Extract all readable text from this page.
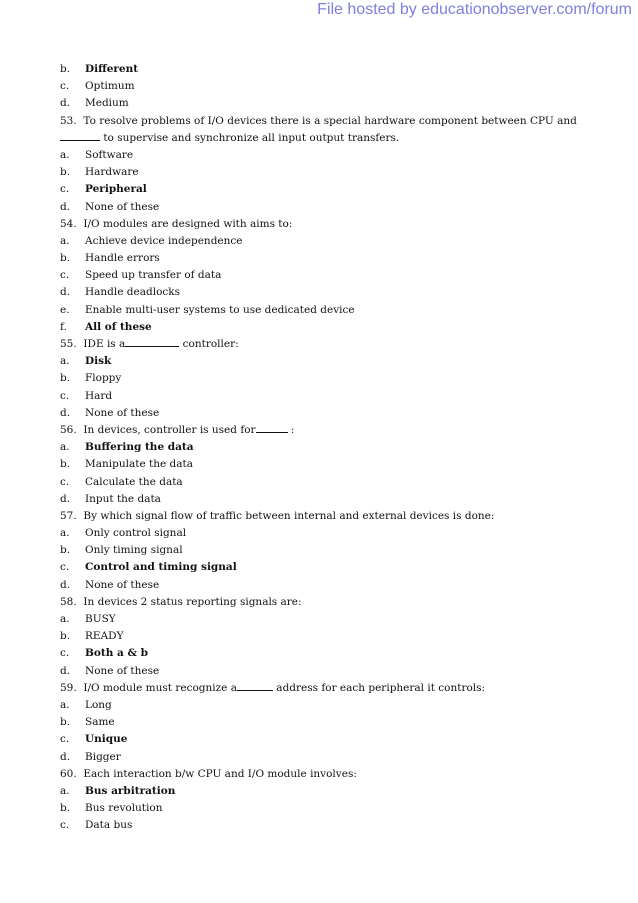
File hosted by educationobserver.com/forum
b.	Different
c.	Optimum
d.	Medium
53.  To resolve problems of I/O devices there is a special hardware component between CPU and to supervise and synchronize all input output transfers.
a.	Software
b.	Hardware
c.	Peripheral
d.	None of these
54. I/O modules are designed with aims to:
a.	Achieve device independence
b.	Handle errors
c.	Speed up transfer of data
d.	Handle deadlocks
e.	Enable multi-user systems to use dedicated device
f.	All of these
55. IDE is a	controller:
a.	Disk
b.	Floppy
c.	Hard
d.	None of these
56. In devices, controller is used for	:
a.	Buffering the data
b.	Manipulate the data
c.	Calculate the data
d.	Input the data
57. By which signal flow of traffic between internal and external devices is done:
a.	Only control signal
b.	Only timing signal
c.	Control and timing signal
d.	None of these
58. In devices 2 status reporting signals are:
a.	BUSY
b.	READY
c.	Both a & b
d.	None of these
59. I/O module must recognize a	address for each peripheral it controls:
a.	Long
b.	Same
c.	Unique
d.	Bigger
60. Each interaction b/w CPU and I/O module involves:
a.	Bus arbitration
b.	Bus revolution
c.	Data bus
